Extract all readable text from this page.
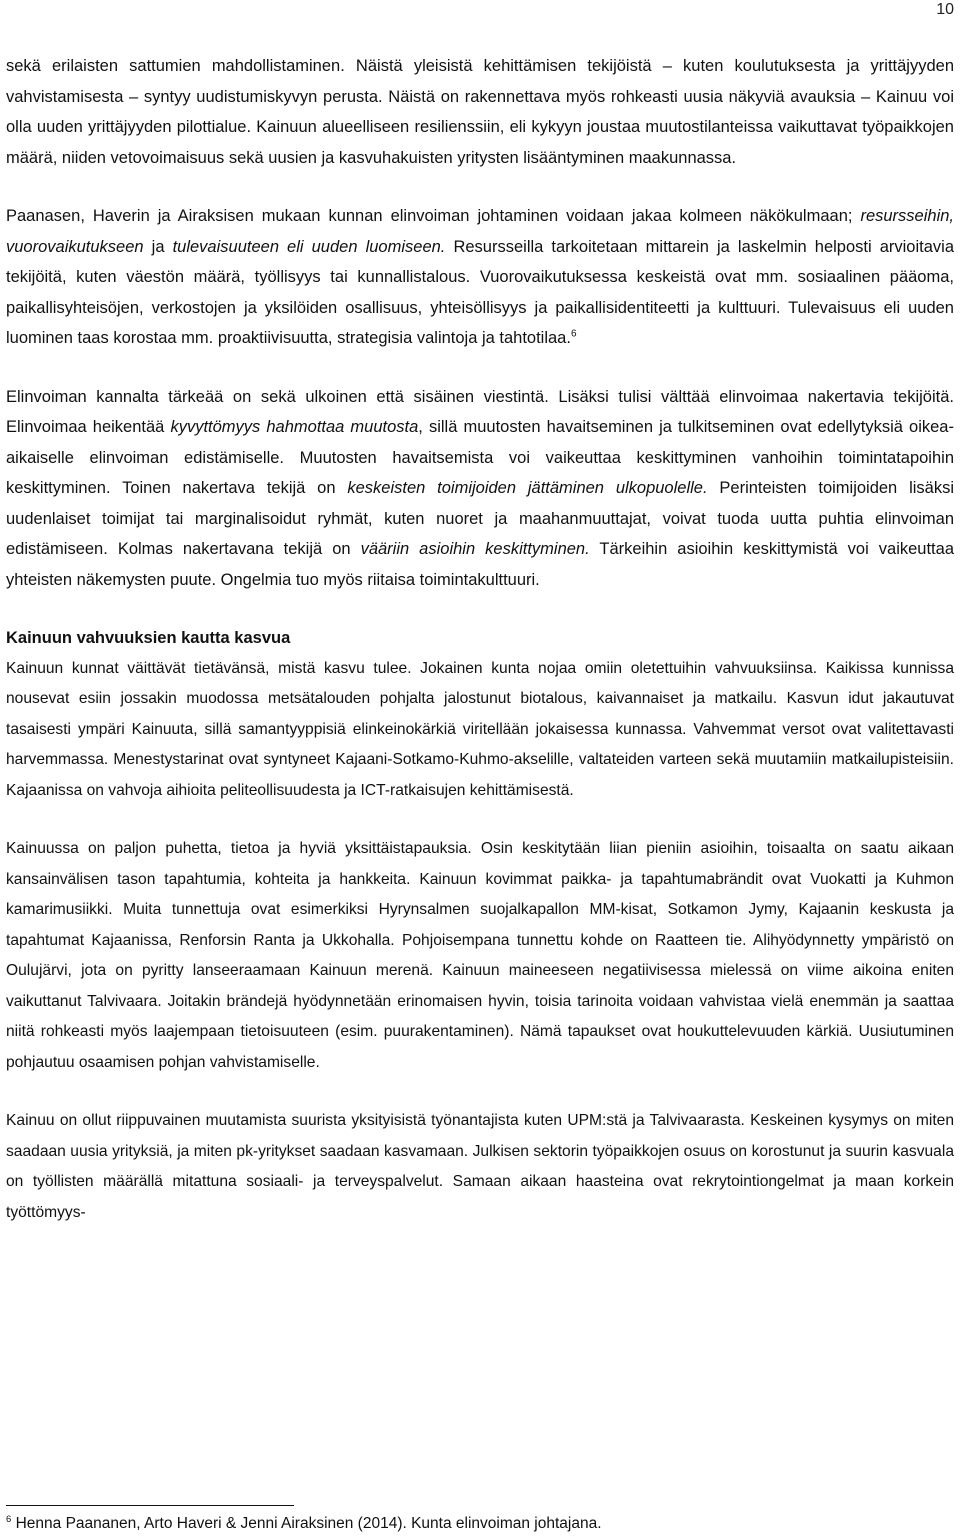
10

sekä erilaisten sattumien mahdollistaminen. Näistä yleisistä kehittämisen tekijöistä – kuten koulutuksesta ja yrittäjyyden vahvistamisesta – syntyy uudistumiskyvyn perusta. Näistä on rakennettava myös rohkeasti uusia näkyviä avauksia – Kainuu voi olla uuden yrittäjyyden pilottialue. Kainuun alueelliseen resilienssiin, eli kykyyn joustaa muutostilanteissa vaikuttavat työpaikkojen määrä, niiden vetovoimaisuus sekä uusien ja kasvuhakuisten yritysten lisääntyminen maakunnassa.

Paanasen, Haverin ja Airaksisen mukaan kunnan elinvoiman johtaminen voidaan jakaa kolmeen näkökulmaan; resursseihin, vuorovaikutukseen ja tulevaisuuteen eli uuden luomiseen. Resursseilla tarkoitetaan mittarein ja laskelmin helposti arvioitavia tekijöitä, kuten väestön määrä, työllisyys tai kunnallistalous. Vuorovaikutuksessa keskeistä ovat mm. sosiaalinen pääoma, paikallisyhteisöjen, verkostojen ja yksilöiden osallisuus, yhteisöllisyys ja paikallisidentiteetti ja kulttuuri. Tulevaisuus eli uuden luominen taas korostaa mm. proaktiivisuutta, strategisia valintoja ja tahtotilaa.$^6$

Elinvoiman kannalta tärkeää on sekä ulkoinen että sisäinen viestintä. Lisäksi tulisi välttää elinvoimaa nakertavia tekijöitä. Elinvoimaa heikentää kyvyttömyys hahmottaa muutosta, sillä muutosten havaitseminen ja tulkitseminen ovat edellytyksiä oikea-aikaiselle elinvoiman edistämiselle. Muutosten havaitsemista voi vaikeuttaa keskittyminen vanhoihin toimintatapoihin keskittyminen. Toinen nakertava tekijä on keskeisten toimijoiden jättäminen ulkopuolelle. Perinteisten toimijoiden lisäksi uudenlaiset toimijat tai marginalisoidut ryhmät, kuten nuoret ja maahanmuuttajat, voivat tuoda uutta puhtia elinvoiman edistämiseen. Kolmas nakertavana tekijä on vääriin asioihin keskittyminen. Tärkeihin asioihin keskittymistä voi vaikeuttaa yhteisten näkemysten puute. Ongelmia tuo myös riitaisa toimintakulttuuri.

Kainuun vahvuuksien kautta kasvua

Kainuun kunnat väittävät tietävänsä, mistä kasvu tulee. Jokainen kunta nojaa omiin oletettuihin vahvuuksiinsa. Kaikissa kunnissa nousevat esiin jossakin muodossa metsätalouden pohjalta jalostunut biotalous, kaivannaiset ja matkailu. Kasvun idut jakautuvat tasaisesti ympäri Kainuuta, sillä samantyyppisiä elinkeinokärkiä viritellään jokaisessa kunnassa. Vahvemmat versot ovat valitettavasti harvemmassa. Menestystarinat ovat syntyneet Kajaani-Sotkamo-Kuhmo-akselille, valtateiden varteen sekä muutamiin matkailupisteisiin. Kajaanissa on vahvoja aihioita peliteollisuudesta ja ICT-ratkaisujen kehittämisestä.

Kainuussa on paljon puhetta, tietoa ja hyviä yksittäistapauksia. Osin keskitytään liian pieniin asioihin, toisaalta on saatu aikaan kansainvälisen tason tapahtumia, kohteita ja hankkeita. Kainuun kovimmat paikka- ja tapahtumabrändit ovat Vuokatti ja Kuhmon kamarimusiikki. Muita tunnettuja ovat esimerkiksi Hyrynsalmen suojalkapallon MM-kisat, Sotkamon Jymy, Kajaanin keskusta ja tapahtumat Kajaanissa, Renforsin Ranta ja Ukkohalla. Pohjoisempana tunnettu kohde on Raatteen tie. Alihyödynnetty ympäristö on Oulujärvi, jota on pyritty lanseeraamaan Kainuun merenä. Kainuun maineeseen negatiivisessa mielessä on viime aikoina eniten vaikuttanut Talvivaara. Joitakin brändejä hyödynnetään erinomaisen hyvin, toisia tarinoita voidaan vahvistaa vielä enemmän ja saattaa niitä rohkeasti myös laajempaan tietoisuuteen (esim. puurakentaminen). Nämä tapaukset ovat houkuttelevuuden kärkiä. Uusiutuminen pohjautuu osaamisen pohjan vahvistamiselle.

Kainuu on ollut riippuvainen muutamista suurista yksityisistä työnantajista kuten UPM:stä ja Talvivaarasta. Keskeinen kysymys on miten saadaan uusia yrityksiä, ja miten pk-yritykset saadaan kasvamaan. Julkisen sektorin työpaikkojen osuus on korostunut ja suurin kasvuala on työllisten määrällä mitattuna sosiaali- ja terveyspalvelut. Samaan aikaan haasteina ovat rekrytointiongelmat ja maan korkein työttömyys-

$^6$ Henna Paananen, Arto Haveri & Jenni Airaksinen (2014). Kunta elinvoiman johtajana.
